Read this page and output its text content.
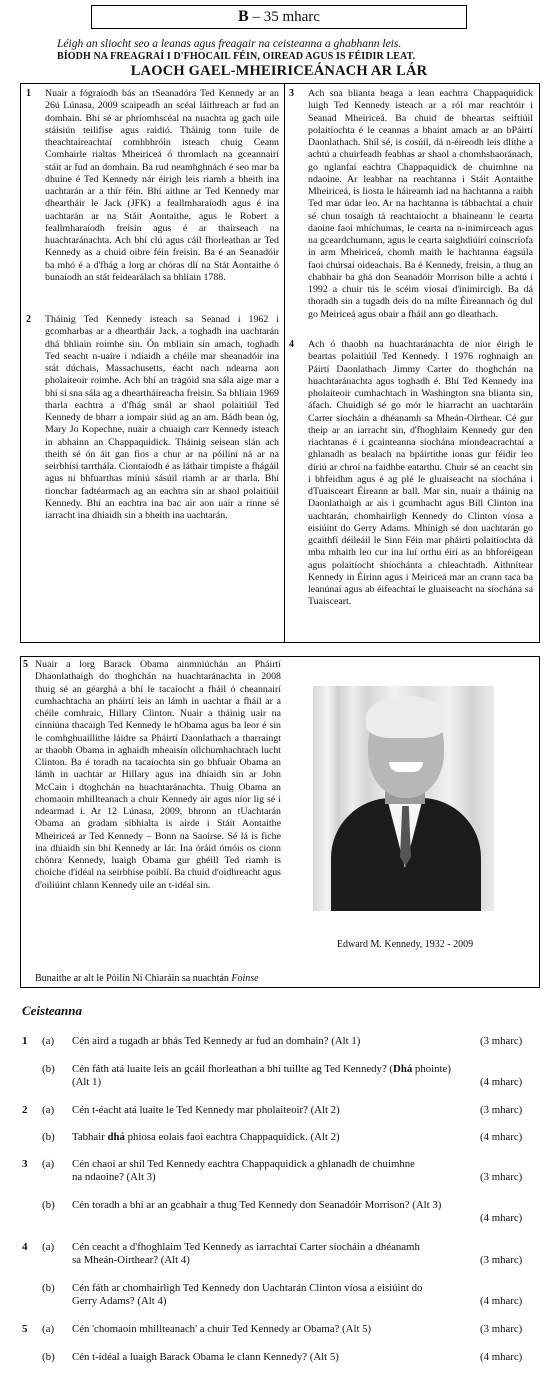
B – 35 mharc
Léigh an sliocht seo a leanas agus freagair na ceisteanna a ghabhann leis.
BÍODH NA FREAGRAÍ I D'FHOCAIL FÉIN, OIREAD AGUS IS FÉIDIR LEAT.
LAOCH GAEL-MHEIRICEÁNACH AR LÁR
1 Nuair a fógraíodh bás an tSeanadóra Ted Kennedy ar an 26ú Lúnasa, 2009 scaipeadh an scéal láithreach ar fud an domhain. Bhí sé ar phríomhscéal na nuachta ag gach uile stáisiún teilifíse agus raidió. Tháinig tonn tuile de theachtaireachtaí comhbhróin isteach chuig Ceann Comhairle rialtas Mheiriceá ó thromlach na gceannairí stáit ar fud an domhain. Ba rud neamhghnách é seo mar ba dhuine é Ted Kennedy nár éirigh leis riamh a bheith ina uachtarán ar a thír féin. Bhí aithne ar Ted Kennedy mar dheartháir le Jack (JFK) a feallmharaíodh agus é ina uachtarán ar na Stáit Aontaithe, agus le Robert a feallmharaíodh freisin agus é ar thairseach na huachtaránachta. Ach bhí clú agus cáil fhorleathan ar Ted Kennedy as a chuid oibre féin freisin. Ba é an Seanadóir ba mhó é a d'fhág a lorg ar chóras dlí na Stát Aontaithe ó bunaíodh an stát feidearálach sa bhliain 1788.
2 Tháinig Ted Kennedy isteach sa Seanad i 1962 i gcomharbas ar a dheartháir Jack, a toghadh ina uachtarán dhá bhliain roimhe sin. Ón mbliain sin amach, toghadh Ted seacht n-uaire i ndiaidh a chéile mar sheanadóir ina stát dúchais, Massachusetts, éacht nach ndearna aon pholaiteoir roimhe. Ach bhí an tragóid sna sála aige mar a bhí sí sna sála ag a dheartháireacha freisin. Sa bhliain 1969 tharla eachtra a d'fhág smál ar shaol polaitiúil Ted Kennedy de bharr a iompair siúd ag an am. Bádh bean óg, Mary Jo Kopechne, nuair a chuaigh carr Kennedy isteach in abhainn an Chappaquidick. Tháinig seisean slán ach theith sé ón áit gan fios a chur ar na póilíní ná ar na seirbhísí tarrthála. Ciontaíodh é as láthair timpiste a fhágáil agus ní bhfuarthas míniú sásúil riamh ar ar tharla. Bhí tionchar fadtéarmach ag an eachtra sin ar shaol polaitiúil Kennedy. Bhí an eachtra ina bac air aon uair a rinne sé iarracht ina dhiaidh sin a bheith ina uachtarán.
3 Ach sna blianta beaga a lean eachtra Chappaquidick luigh Ted Kennedy isteach ar a ról mar reachtóir i Seanad Mheiriceá. Ba chuid de bheartas seiftiúil polaitíochta é le ceannas a bhaint amach ar an bPáirtí Daonlathach. Shíl sé, is cosúil, dá n-éireodh leis dlíthe a achtú a chuirfeadh feabhas ar shaol a chomhshaoránach, go nglanfaí eachtra Chappaquidick de chuimhne na ndaoine. Ar leabhar na reachtanna i Stáit Aontaithe Mheiriceá, is liosta le háireamh iad na hachtanna a raibh Ted mar údar leo. Ar na hachtanna is tábhachtaí a chuir sé chun tosaigh tá reachtaíocht a bhaineann le cearta daoine faoi mhíchumas, le cearta na n-inimirceach agus na gceardchumann, agus le cearta saighdiúirí coinscríofa in arm Mheiriceá, chomh maith le hachtanna éagsúla faoi chúrsaí oideachais. Ba é Kennedy, freisin, a thug an chabhair ba ghá don Seanadóir Morrison bille a achtú i 1992 a chuir tús le scéim víosaí d'inimircigh. Ba dá thoradh sin a tugadh deis do na mílte Éireannach óg dul go Meiriceá agus obair a fháil ann go dleathach.
4 Ach ó thaobh na huachtaránachta de níor éirigh le beartas polaitiúil Ted Kennedy. I 1976 roghnaigh an Páirtí Daonlathach Jimmy Carter do thoghchán na huachtaránachta agus toghadh é. Bhí Ted Kennedy ina pholaiteoir cumhachtach in Washington sna blianta sin, áfach. Chuidigh sé go mór le hiarracht an uachtaráin Carter síocháin a dhéanamh sa Mheán-Oirthear. Cé gur theip ar an iarracht sin, d'fhoghlaim Kennedy gur den riachtanas é i gcainteanna síochána míondeacrachtaí a ghlanadh as bealach na bpáirtithe ionas gur féidir leo díriú ar chroí na faidhbe eatarthu. Chuir sé an ceacht sin i bhfeidhm agus é ag plé le gluaiseacht na síochána i dTuaisceart Éireann ar ball. Mar sin, nuair a tháinig na Daonlathaigh ar ais i gcumhacht agus Bill Clinton ina uachtarán, chomhairligh Kennedy do Clinton víosa a eisiúint do Gerry Adams. Mhínigh sé don uachtarán go gcaithfí déileáil le Sinn Féin mar pháirtí polaitíochta dá mba mhaith leo cur ina luí orthu éirí as an bhforéigean agus polaitíocht shíochánta a chleachtadh. Aithnítear Kennedy in Éirinn agus i Meiriceá mar an crann taca ba leanúnaí agus ab éifeachtaí le gluaiseacht na síochána sa Tuaisceart.
5 Nuair a lorg Barack Obama ainmniúchán an Pháirtí Dhaonlathaigh do thoghchán na huachtaránachta in 2008 thuig sé an géarghá a bhí le tacaíocht a fháil ó cheannairí cumhachtacha an pháirtí leis an lámh in uachtar a fháil ar a chéile comhraic, Hillary Clinton. Nuair a tháinig uair na cinniúna thacaigh Ted Kennedy le hObama agus ba leor é sin le comhghuaillithe láidre sa Pháirtí Daonlathach a tharraingt ar thaobh Obama in aghaidh mheaisín ollchumhachtach lucht Clinton. Ba é toradh na tacaíochta sin go bhfuair Obama an lámh in uachtar ar Hillary agus ina dhiaidh sin ar John McCain i dtoghchán na huachtaránachta. Thuig Obama an chomaoin mhillteanach a chuir Kennedy air agus níor lig sé i ndearmad í. Ar 12 Lúnasa, 2009, bhronn an tUachtarán Obama an gradam sibhialta is airde i Stáit Aontaithe Mheiriceá ar Ted Kennedy – Bonn na Saoirse. Sé lá is fiche ina dhiaidh sin bhí Kennedy ar lár. Ina óráid ómóis os cionn chónra Kennedy, luaigh Obama gur ghéill Ted riamh is choíche d'idéal na seirbhíse poiblí. Ba chuid d'oidhreacht agus d'oiliúint chlann Kennedy uile an t-idéal sin.
Edward M. Kennedy, 1932 - 2009
Bunaithe ar alt le Póilín Ní Chiaráin sa nuachtán Foinse
Ceisteanna
1 (a) Cén aird a tugadh ar bhás Ted Kennedy ar fud an domhain? (Alt 1)	(3 mharc)
(b) Cén fáth atá luaite leis an gcáil fhorleathan a bhí tuillte ag Ted Kennedy? (Dhá phointe)
(Alt 1)	(4 mharc)
2 (a) Cén t-éacht atá luaite le Ted Kennedy mar pholaiteoir? (Alt 2)	(3 mharc)
(b) Tabhair dhá phíosa eolais faoi eachtra Chappaquidick. (Alt 2)	(4 mharc)
3 (a) Cén chaoi ar shíl Ted Kennedy eachtra Chappaquidick a ghlanadh de chuimhne
na ndaoine? (Alt 3)	(3 mharc)
(b) Cén toradh a bhí ar an gcabhair a thug Ted Kennedy don Seanadóir Morrison? (Alt 3)
(4 mharc)
4 (a) Cén ceacht a d'fhoghlaim Ted Kennedy as iarrachtaí Carter síocháin a dhéanamh
sa Mheán-Oirthear? (Alt 4)	(3 mharc)
(b) Cén fáth ar chomhairligh Ted Kennedy don Uachtarán Clinton víosa a eisiúint do
Gerry Adams? (Alt 4)	(4 mharc)
5 (a) Cén 'chomaoin mhillteanach' a chuir Ted Kennedy ar Obama? (Alt 5)	(3 mharc)
(b) Cén t-idéal a luaigh Barack Obama le clann Kennedy? (Alt 5)	(4 mharc)
